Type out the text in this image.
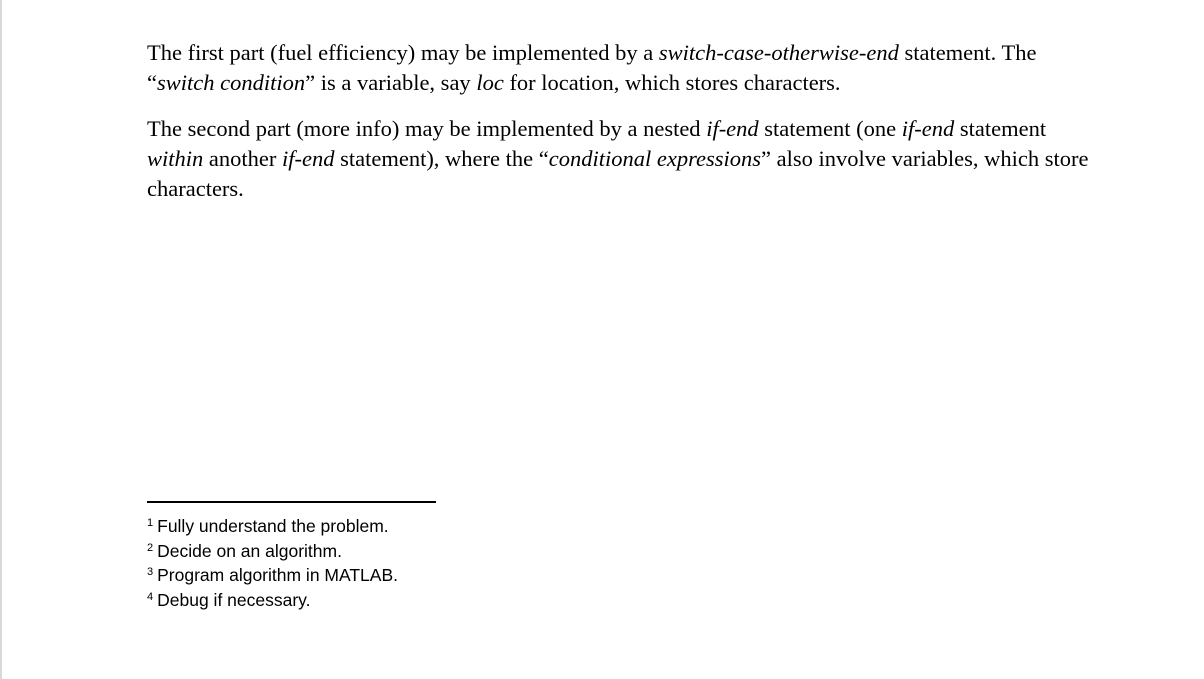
The first part (fuel efficiency) may be implemented by a switch-case-otherwise-end statement. The “switch condition” is a variable, say loc for location, which stores characters.

The second part (more info) may be implemented by a nested if-end statement (one if-end statement within another if-end statement), where the “conditional expressions” also involve variables, which store characters.

$^1$ Fully understand the problem.
$^2$ Decide on an algorithm.
$^3$ Program algorithm in MATLAB.
$^4$ Debug if necessary.
